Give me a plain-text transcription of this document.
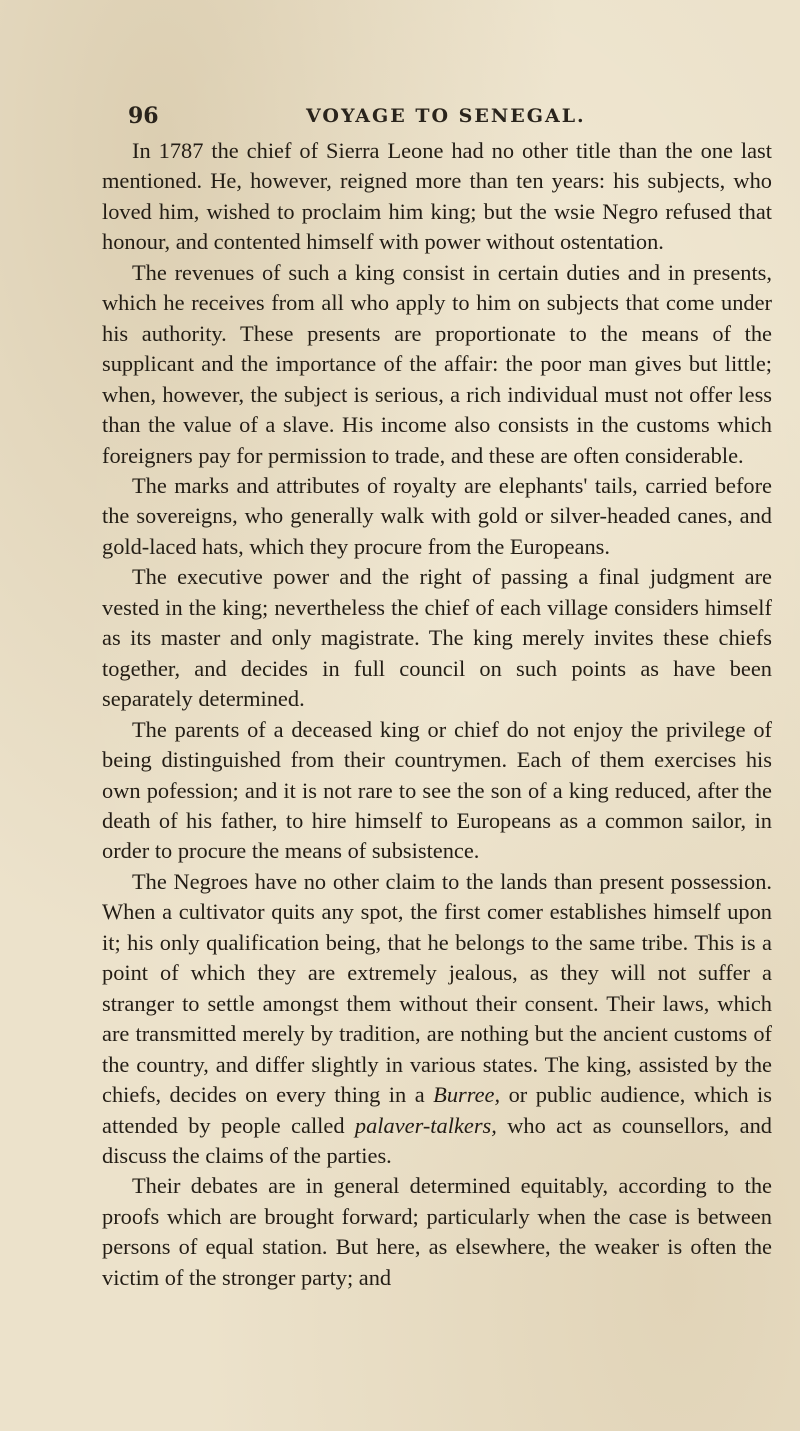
96	VOYAGE TO SENEGAL.

In 1787 the chief of Sierra Leone had no other title than the one last mentioned. He, however, reigned more than ten years: his subjects, who loved him, wished to proclaim him king; but the wsie Negro refused that honour, and contented himself with power without ostentation.

The revenues of such a king consist in certain duties and in presents, which he receives from all who apply to him on subjects that come under his authority. These presents are proportionate to the means of the supplicant and the importance of the affair: the poor man gives but little; when, however, the subject is serious, a rich individual must not offer less than the value of a slave. His income also consists in the customs which foreigners pay for permission to trade, and these are often considerable.

The marks and attributes of royalty are elephants' tails, carried before the sovereigns, who generally walk with gold or silver-headed canes, and gold-laced hats, which they procure from the Europeans.

The executive power and the right of passing a final judgment are vested in the king; nevertheless the chief of each village considers himself as its master and only magistrate. The king merely invites these chiefs together, and decides in full council on such points as have been separately determined.

The parents of a deceased king or chief do not enjoy the privilege of being distinguished from their countrymen. Each of them exercises his own pofession; and it is not rare to see the son of a king reduced, after the death of his father, to hire himself to Europeans as a common sailor, in order to procure the means of subsistence.

The Negroes have no other claim to the lands than present possession. When a cultivator quits any spot, the first comer establishes himself upon it; his only qualification being, that he belongs to the same tribe. This is a point of which they are extremely jealous, as they will not suffer a stranger to settle amongst them without their consent. Their laws, which are transmitted merely by tradition, are nothing but the ancient customs of the country, and differ slightly in various states. The king, assisted by the chiefs, decides on every thing in a Burree, or public audience, which is attended by people called palaver-talkers, who act as counsellors, and discuss the claims of the parties.

Their debates are in general determined equitably, according to the proofs which are brought forward; particularly when the case is between persons of equal station. But here, as elsewhere, the weaker is often the victim of the stronger party; and
